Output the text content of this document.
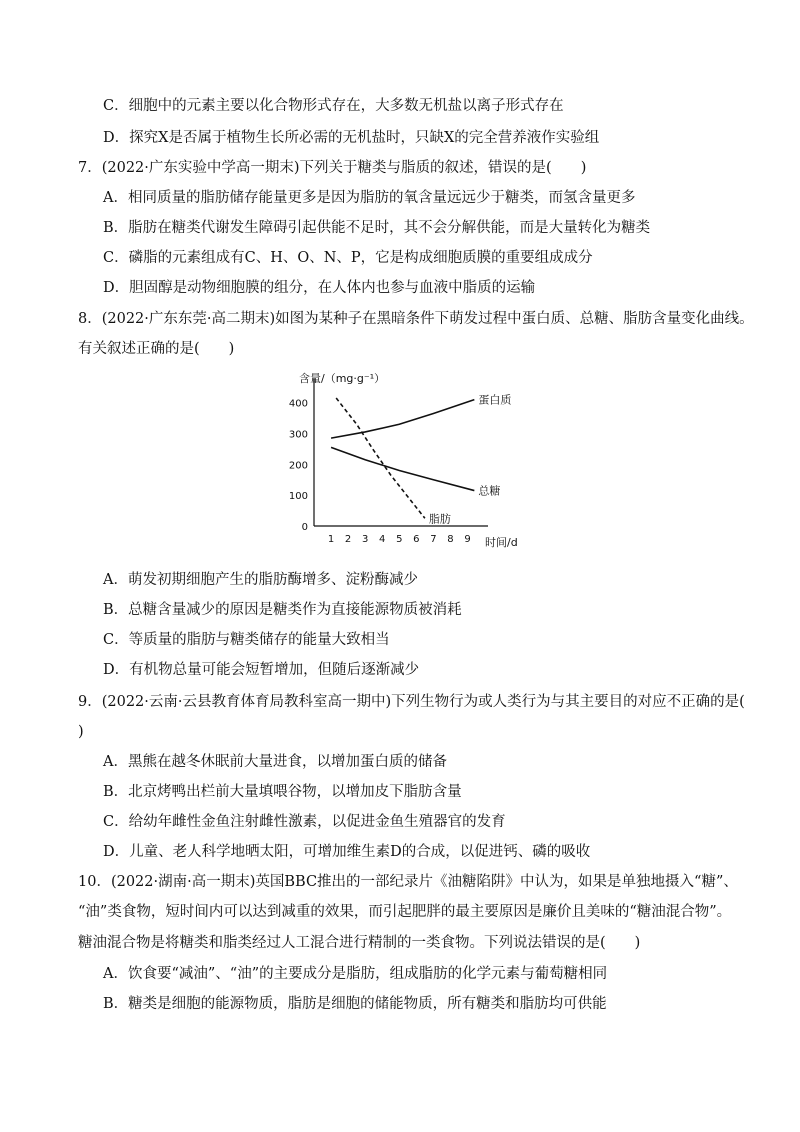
C．细胞中的元素主要以化合物形式存在，大多数无机盐以离子形式存在
D．探究X是否属于植物生长所必需的无机盐时，只缺X的完全营养液作实验组
7．(2022·广东实验中学高一期末)下列关于糖类与脂质的叙述，错误的是(　　)
A．相同质量的脂肪储存能量更多是因为脂肪的氧含量远远少于糖类，而氢含量更多
B．脂肪在糖类代谢发生障碍引起供能不足时，其不会分解供能，而是大量转化为糖类
C．磷脂的元素组成有C、H、O、N、P，它是构成细胞质膜的重要组成成分
D．胆固醇是动物细胞膜的组分，在人体内也参与血液中脂质的运输
8．(2022·广东东莞·高二期末)如图为某种子在黑暗条件下萌发过程中蛋白质、总糖、脂肪含量变化曲线。
有关叙述正确的是(　　)
1 2 3 4 5 6 7 8 9
0
100
200
300
400	蛋白质
总糖
脂肪
含量/（mg·g⁻¹）
时间/d
A．萌发初期细胞产生的脂肪酶增多、淀粉酶减少
B．总糖含量减少的原因是糖类作为直接能源物质被消耗
C．等质量的脂肪与糖类储存的能量大致相当
D．有机物总量可能会短暂增加，但随后逐渐减少
9．(2022·云南·云县教育体育局教科室高一期中)下列生物行为或人类行为与其主要目的对应不正确的是(
)
A．黑熊在越冬休眠前大量进食，以增加蛋白质的储备
B．北京烤鸭出栏前大量填喂谷物，以增加皮下脂肪含量
C．给幼年雌性金鱼注射雌性激素，以促进金鱼生殖器官的发育
D．儿童、老人科学地晒太阳，可增加维生素D的合成，以促进钙、磷的吸收
10．(2022·湖南·高一期末)英国BBC推出的一部纪录片《油糖陷阱》中认为，如果是单独地摄入“糖”、
“油”类食物，短时间内可以达到减重的效果，而引起肥胖的最主要原因是廉价且美味的“糖油混合物”。
糖油混合物是将糖类和脂类经过人工混合进行精制的一类食物。下列说法错误的是(　　)
A．饮食要“减油”、“油”的主要成分是脂肪，组成脂肪的化学元素与葡萄糖相同
B．糖类是细胞的能源物质，脂肪是细胞的储能物质，所有糖类和脂肪均可供能
